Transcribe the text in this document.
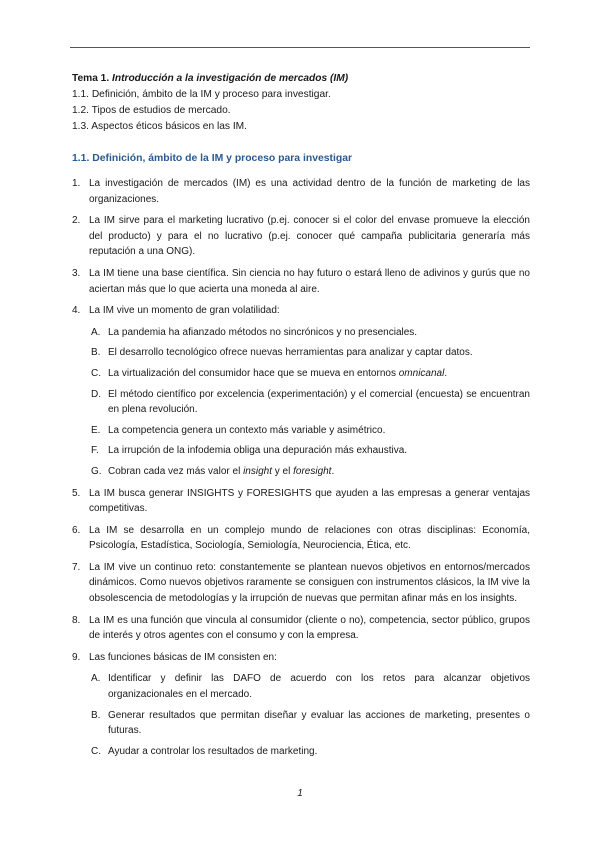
Tema 1. Introducción a la investigación de mercados (IM)
1.1. Definición, ámbito de la IM y proceso para investigar.
1.2. Tipos de estudios de mercado.
1.3. Aspectos éticos básicos en las IM.
1.1. Definición, ámbito de la IM y proceso para investigar
1. La investigación de mercados (IM) es una actividad dentro de la función de marketing de las organizaciones.
2. La IM sirve para el marketing lucrativo (p.ej. conocer si el color del envase promueve la elección del producto) y para el no lucrativo (p.ej. conocer qué campaña publicitaria generaría más reputación a una ONG).
3. La IM tiene una base científica. Sin ciencia no hay futuro o estará lleno de adivinos y gurús que no aciertan más que lo que acierta una moneda al aire.
4. La IM vive un momento de gran volatilidad:
A. La pandemia ha afianzado métodos no sincrónicos y no presenciales.
B. El desarrollo tecnológico ofrece nuevas herramientas para analizar y captar datos.
C. La virtualización del consumidor hace que se mueva en entornos omnicanal.
D. El método científico por excelencia (experimentación) y el comercial (encuesta) se encuentran en plena revolución.
E. La competencia genera un contexto más variable y asimétrico.
F. La irrupción de la infodemia obliga una depuración más exhaustiva.
G. Cobran cada vez más valor el insight y el foresight.
5. La IM busca generar INSIGHTS y FORESIGHTS que ayuden a las empresas a generar ventajas competitivas.
6. La IM se desarrolla en un complejo mundo de relaciones con otras disciplinas: Economía, Psicología, Estadística, Sociología, Semiología, Neurociencia, Ética, etc.
7. La IM vive un continuo reto: constantemente se plantean nuevos objetivos en entornos/mercados dinámicos. Como nuevos objetivos raramente se consiguen con instrumentos clásicos, la IM vive la obsolescencia de metodologías y la irrupción de nuevas que permitan afinar más en los insights.
8. La IM es una función que vincula al consumidor (cliente o no), competencia, sector público, grupos de interés y otros agentes con el consumo y con la empresa.
9. Las funciones básicas de IM consisten en:
A. Identificar y definir las DAFO de acuerdo con los retos para alcanzar objetivos organizacionales en el mercado.
B. Generar resultados que permitan diseñar y evaluar las acciones de marketing, presentes o futuras.
C. Ayudar a controlar los resultados de marketing.
1
